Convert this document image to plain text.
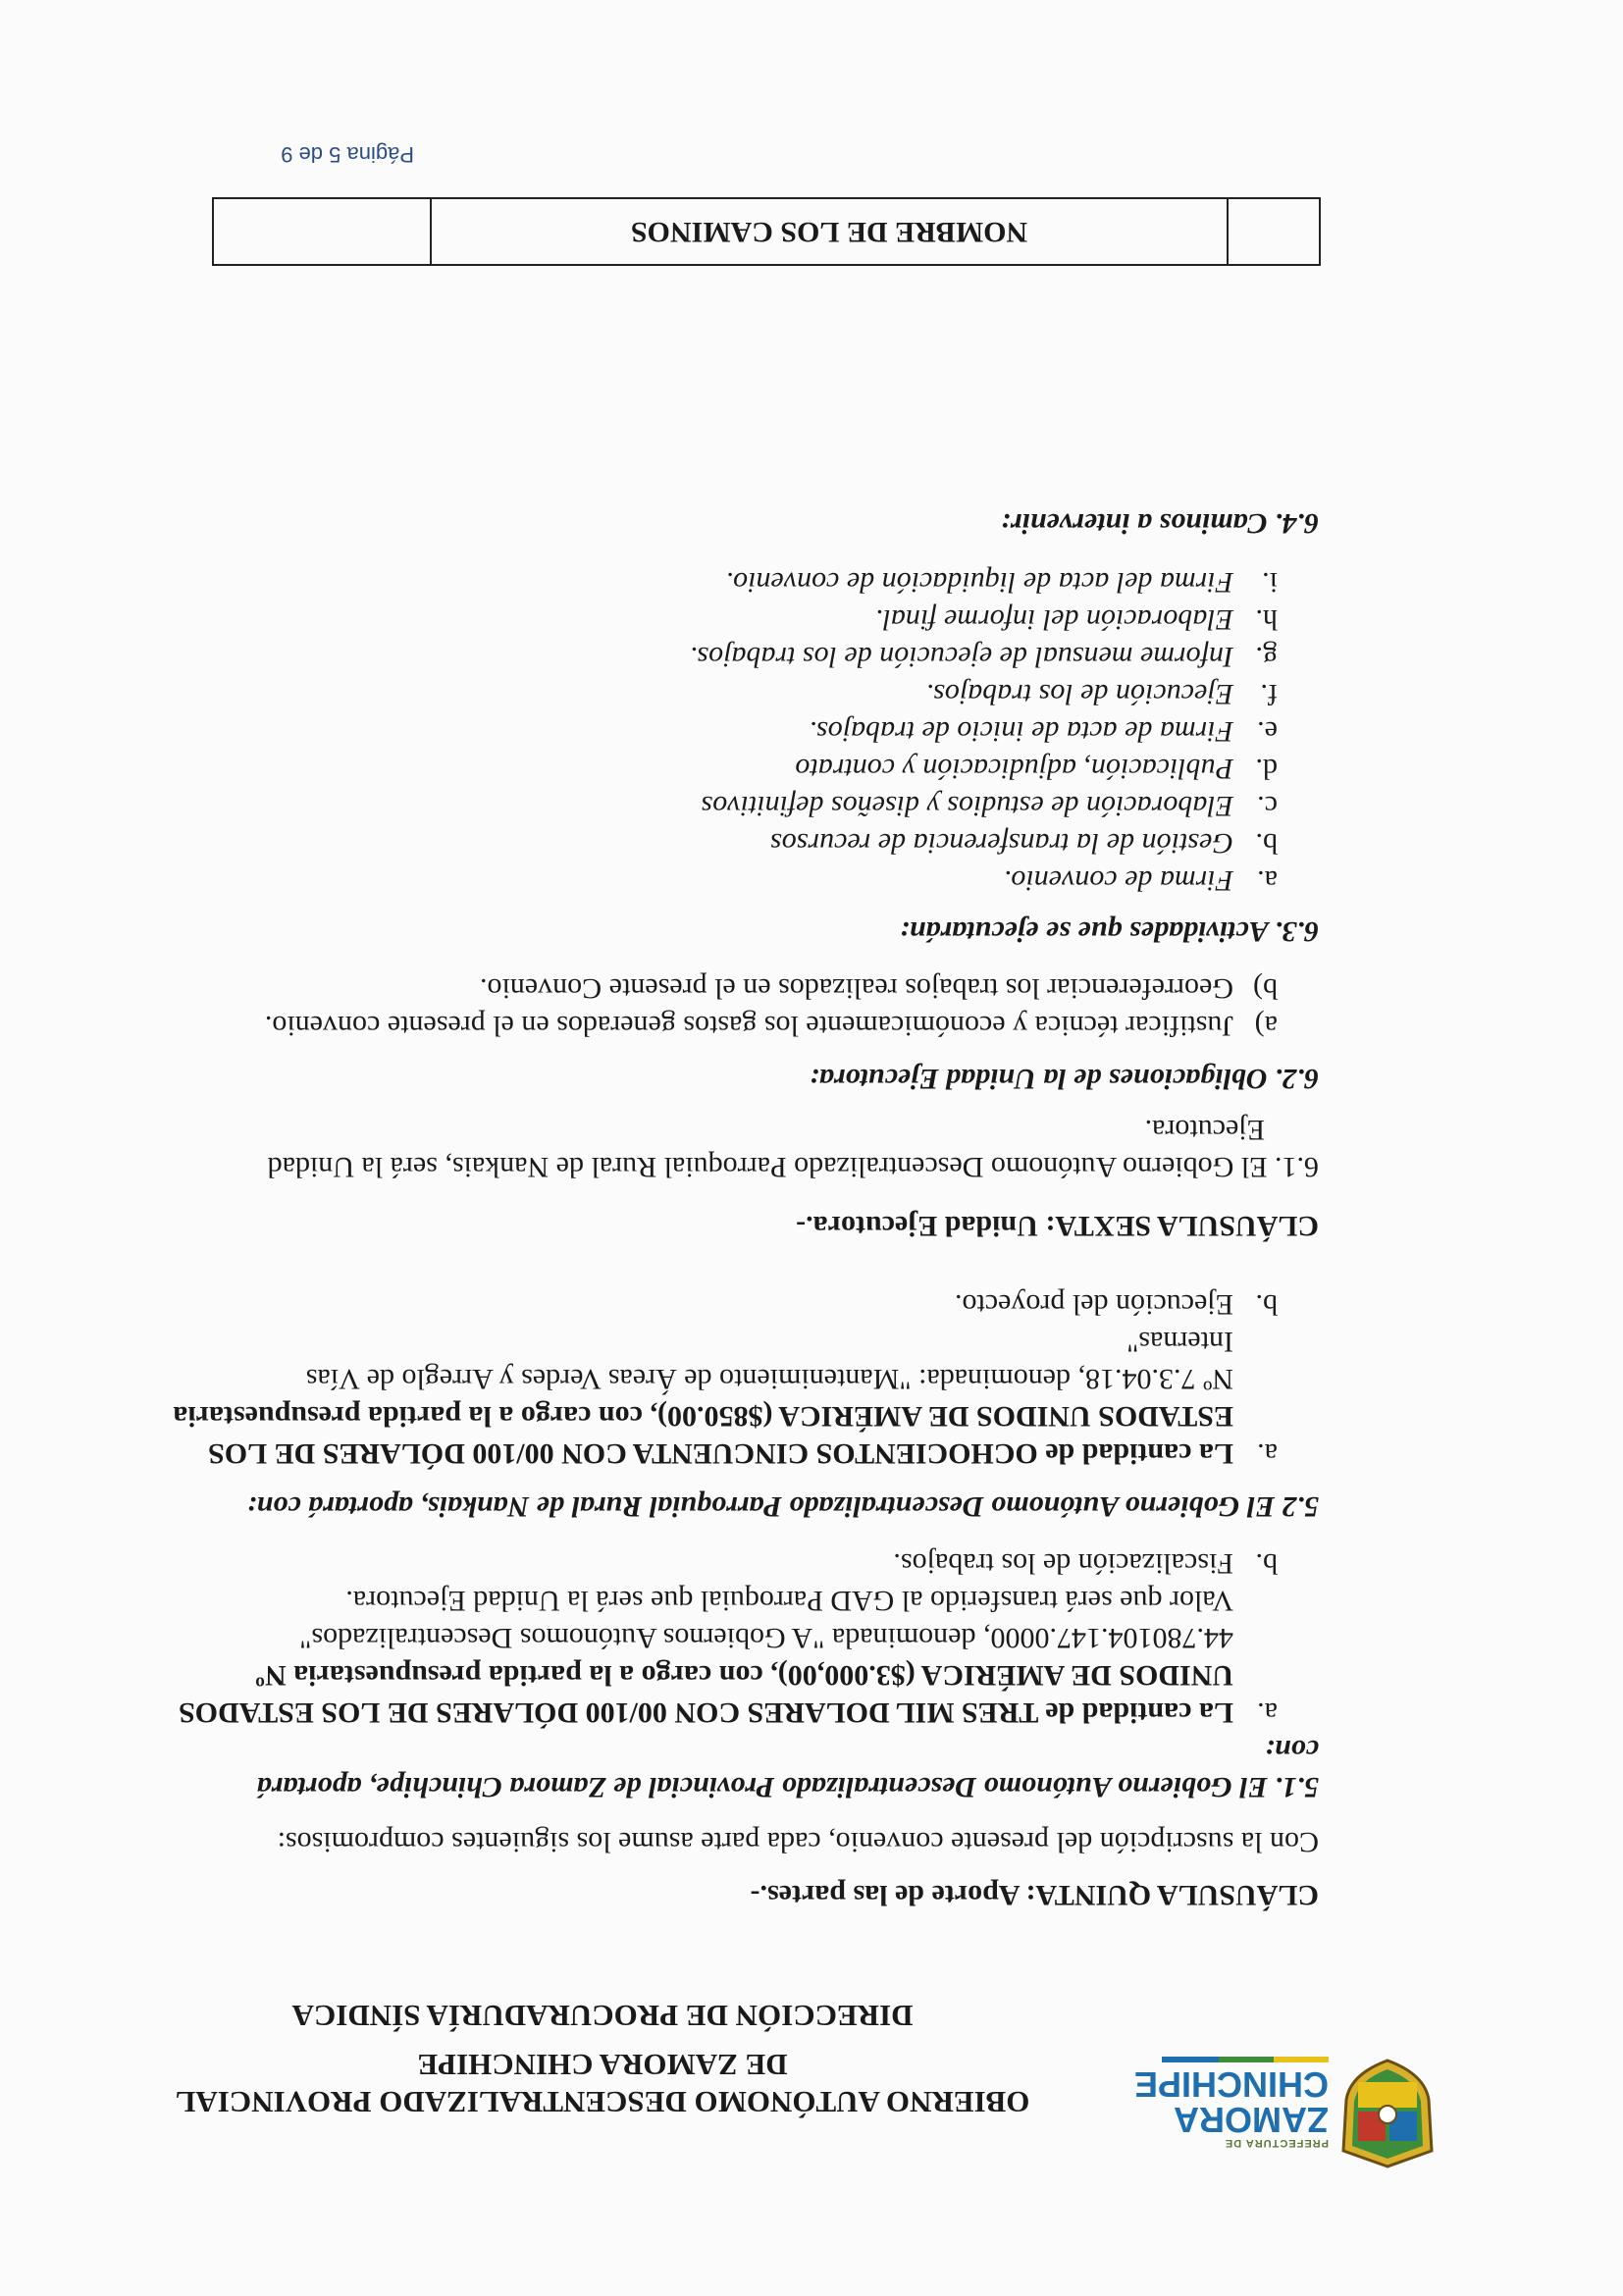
PREFECTURA DE
ZAMORA
CHINCHIPE
OBIERNO AUTÓNOMO DESCENTRALIZADO PROVINCIAL
DE ZAMORA CHINCHIPE
DIRECCIÓN DE PROCURADURÍA SÍNDICA
CLÁUSULA QUINTA: Aporte de las partes.-
Con la suscripción del presente convenio, cada parte asume los siguientes compromisos:
5.1. El Gobierno Autónomo Descentralizado Provincial de Zamora Chinchipe, aportará
con:
a.
La cantidad de TRES MIL DOLARES CON 00/100 DÓLARES DE LOS ESTADOS
UNIDOS DE AMÉRICA ($3.000,00), con cargo a la partida presupuestaria Nº
44.780104.147.0000, denominada "A Gobiernos Autónomos Descentralizados"
Valor que será transferido al GAD Parroquial que será la Unidad Ejecutora.
b.
Fiscalización de los trabajos.
5.2 El Gobierno Autónomo Descentralizado Parroquial Rural de Nankais, aportará con:
a.
La cantidad de OCHOCIENTOS CINCUENTA CON 00/100 DÓLARES DE LOS
ESTADOS UNIDOS DE AMÉRICA ($850.00), con cargo a la partida presupuestaria
Nº 7.3.04.18, denominada: "Mantenimiento de Áreas Verdes y Arreglo de Vías
Internas"
b.
Ejecución del proyecto.
CLÁUSULA SEXTA: Unidad Ejecutora.-
6.1. El Gobierno Autónomo Descentralizado Parroquial Rural de Nankais, será la Unidad
Ejecutora.
6.2. Obligaciones de la Unidad Ejecutora:
a)
Justificar técnica y económicamente los gastos generados en el presente convenio.
b)
Georreferenciar los trabajos realizados en el presente Convenio.
6.3. Actividades que se ejecutarán:
a.
Firma de convenio.
b.
Gestión de la transferencia de recursos
c.
Elaboración de estudios y diseños definitivos
d.
Publicación, adjudicación y contrato
e.
Firma de acta de inicio de trabajos.
f.
Ejecución de los trabajos.
g.
Informe mensual de ejecución de los trabajos.
h.
Elaboración del informe final.
i.
Firma del acta de liquidación de convenio.
6.4. Caminos a intervenir:
NOMBRE DE LOS CAMINOS
Página 5 de 9
